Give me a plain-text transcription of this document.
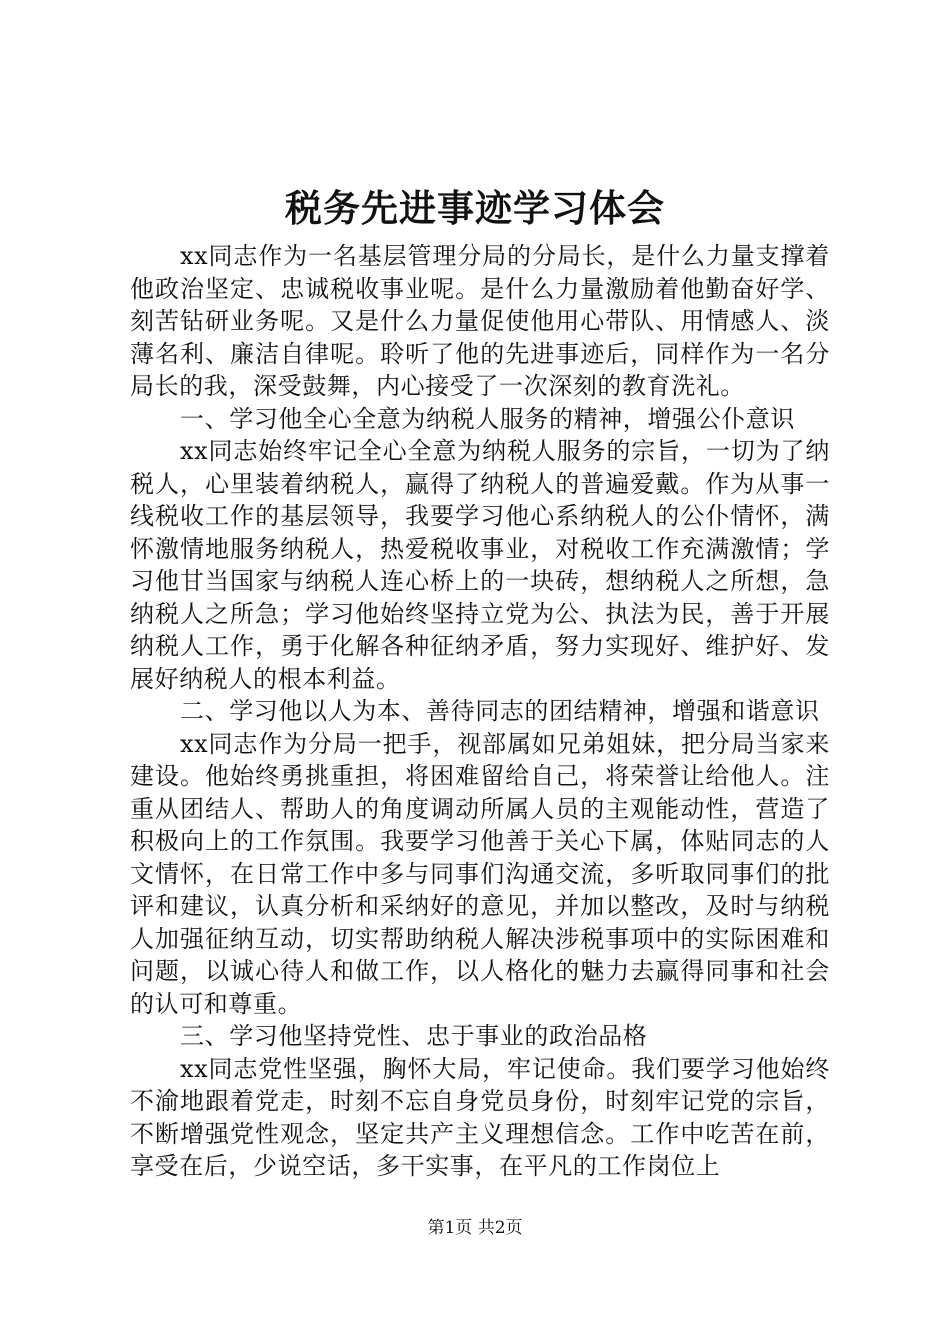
税务先进事迹学习体会

xx同志作为一名基层管理分局的分局长，是什么力量支撑着他政治坚定、忠诚税收事业呢。是什么力量激励着他勤奋好学、刻苦钻研业务呢。又是什么力量促使他用心带队、用情感人、淡薄名利、廉洁自律呢。聆听了他的先进事迹后，同样作为一名分局长的我，深受鼓舞，内心接受了一次深刻的教育洗礼。

一、学习他全心全意为纳税人服务的精神，增强公仆意识

xx同志始终牢记全心全意为纳税人服务的宗旨，一切为了纳税人，心里装着纳税人，赢得了纳税人的普遍爱戴。作为从事一线税收工作的基层领导，我要学习他心系纳税人的公仆情怀，满怀激情地服务纳税人，热爱税收事业，对税收工作充满激情；学习他甘当国家与纳税人连心桥上的一块砖，想纳税人之所想，急纳税人之所急；学习他始终坚持立党为公、执法为民，善于开展纳税人工作，勇于化解各种征纳矛盾，努力实现好、维护好、发展好纳税人的根本利益。

二、学习他以人为本、善待同志的团结精神，增强和谐意识

xx同志作为分局一把手，视部属如兄弟姐妹，把分局当家来建设。他始终勇挑重担，将困难留给自己，将荣誉让给他人。注重从团结人、帮助人的角度调动所属人员的主观能动性，营造了积极向上的工作氛围。我要学习他善于关心下属，体贴同志的人文情怀，在日常工作中多与同事们沟通交流，多听取同事们的批评和建议，认真分析和采纳好的意见，并加以整改，及时与纳税人加强征纳互动，切实帮助纳税人解决涉税事项中的实际困难和问题，以诚心待人和做工作，以人格化的魅力去赢得同事和社会的认可和尊重。

三、学习他坚持党性、忠于事业的政治品格

xx同志党性坚强，胸怀大局，牢记使命。我们要学习他始终不渝地跟着党走，时刻不忘自身党员身份，时刻牢记党的宗旨，不断增强党性观念，坚定共产主义理想信念。工作中吃苦在前，享受在后，少说空话，多干实事，在平凡的工作岗位上

第1页 共2页
